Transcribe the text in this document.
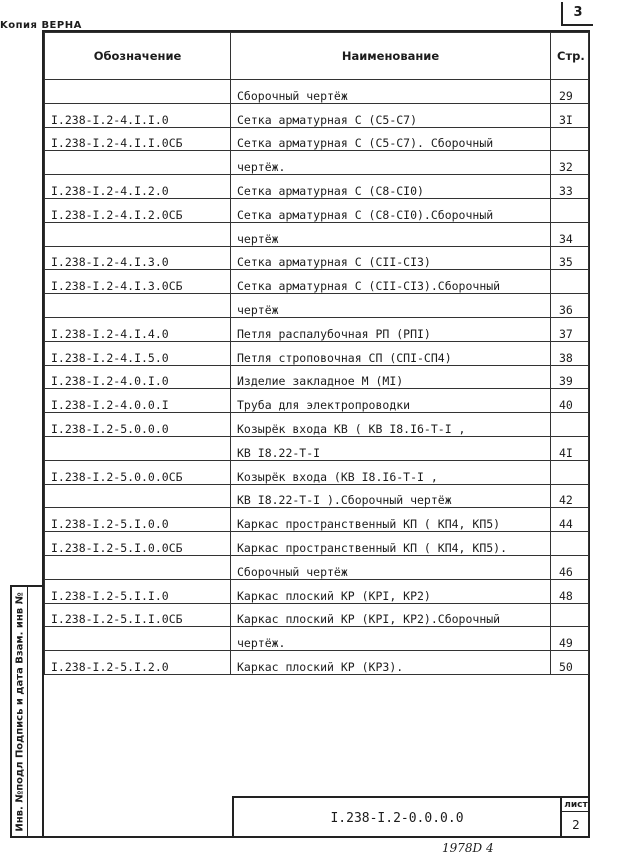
Kопия ВЕРНА
3
Обозначение	Наименование	Стр.
	Сборочный чертёж	29
I.238-I.2-4.I.I.0	Сетка арматурная С (С5-С7)	3I
I.238-I.2-4.I.I.0СБ	Сетка арматурная С (С5-С7). Сборочный	
	чертёж.	32
I.238-I.2-4.I.2.0	Сетка арматурная С (С8-СI0)	33
I.238-I.2-4.I.2.0СБ	Сетка арматурная С (С8-СI0).Сборочный	
	чертёж	34
I.238-I.2-4.I.3.0	Сетка арматурная С (СII-СI3)	35
I.238-I.2-4.I.3.0СБ	Сетка арматурная С (СII-СI3).Сборочный	
	чертёж	36
I.238-I.2-4.I.4.0	Петля распалубочная РП (РПI)	37
I.238-I.2-4.I.5.0	Петля строповочная СП (СПI-СП4)	38
I.238-I.2-4.0.I.0	Изделие закладное М (МI)	39
I.238-I.2-4.0.0.I	Труба для электропроводки	40
I.238-I.2-5.0.0.0	Козырёк входа КВ ( КВ I8.I6-Т-I ,	
	КВ I8.22-Т-I	4I
I.238-I.2-5.0.0.0СБ	Козырёк входа (КВ I8.I6-Т-I ,	
	КВ I8.22-Т-I ).Сборочный чертёж	42
I.238-I.2-5.I.0.0	Каркас пространственный КП ( КП4, КП5)	44
I.238-I.2-5.I.0.0СБ	Каркас пространственный КП ( КП4, КП5).	
	Сборочный чертёж	46
I.238-I.2-5.I.I.0	Каркас плоский КР (КРI, КР2)	48
I.238-I.2-5.I.I.0СБ	Каркас плоский КР (КРI, КР2).Сборочный	
	чертёж.	49
I.238-I.2-5.I.2.0	Каркас плоский КР (КР3).	50
Инв. №подл Подпись и дата Взам. инв №	I.238-I.2-0.0.0.0
лист
2
1978D 4
